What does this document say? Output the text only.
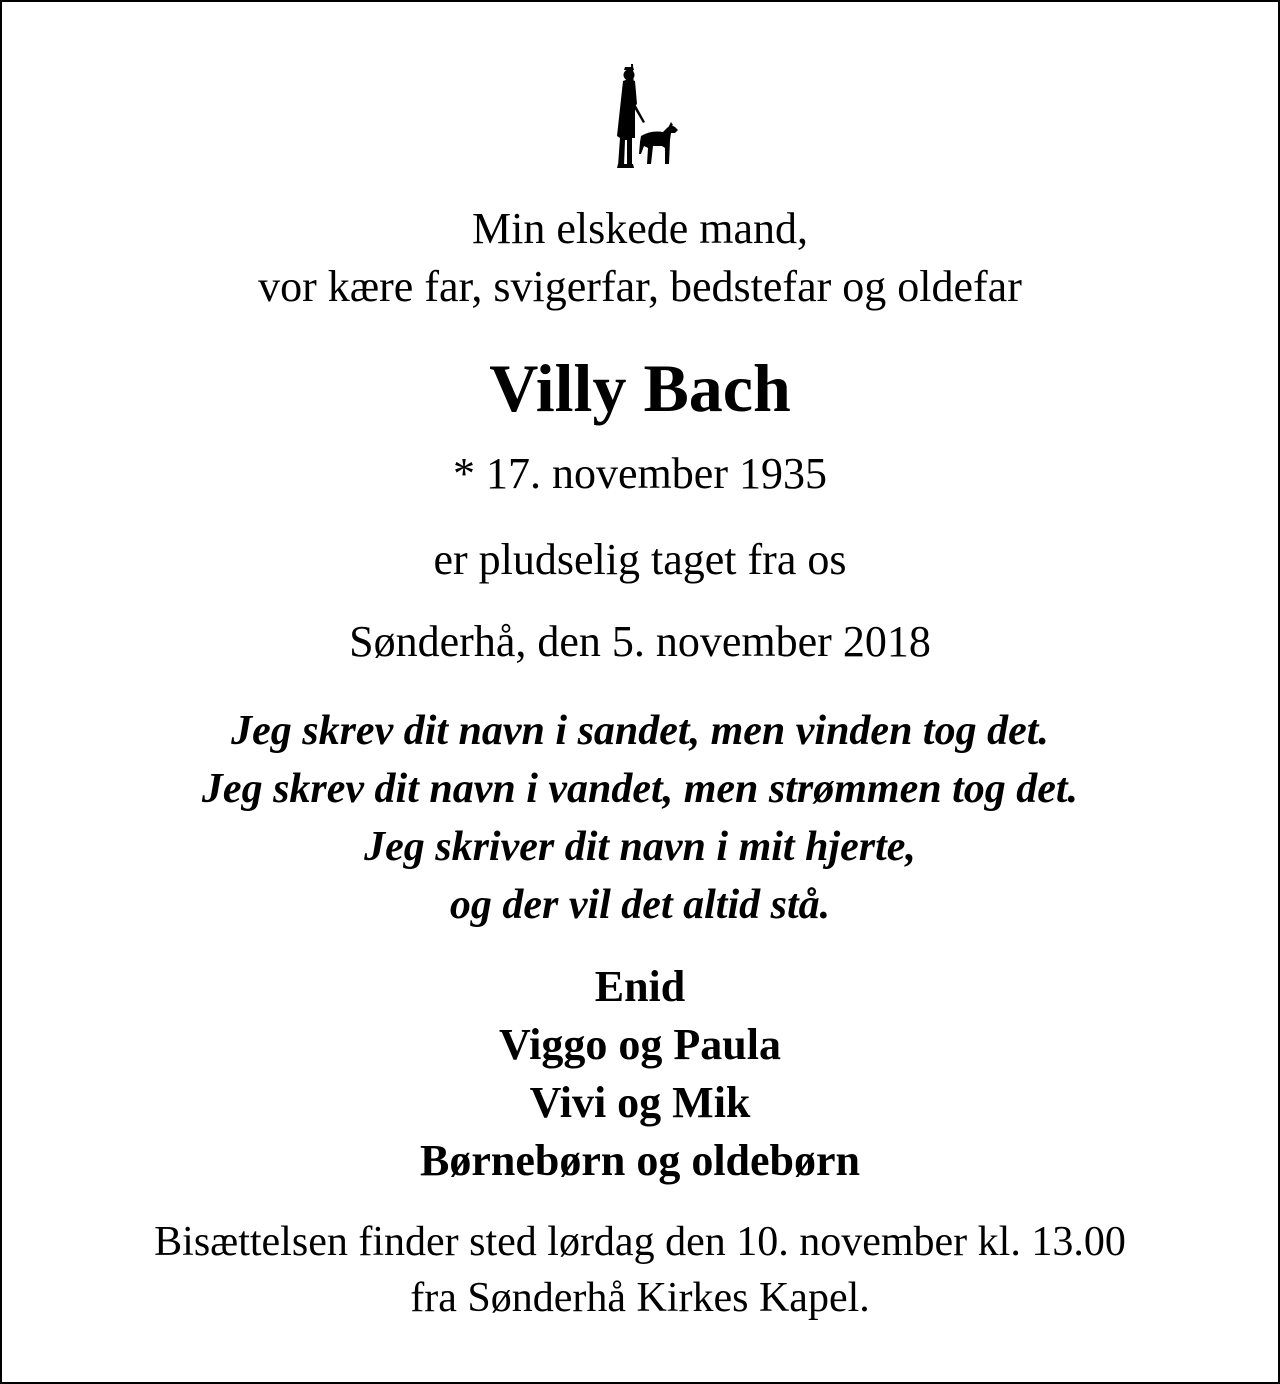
Min elskede mand,
vor kære far, svigerfar, bedstefar og oldefar
Villy Bach
* 17. november 1935
er pludselig taget fra os
Sønderhå, den 5. november 2018
Jeg skrev dit navn i sandet, men vinden tog det.
Jeg skrev dit navn i vandet, men strømmen tog det.
Jeg skriver dit navn i mit hjerte,
og der vil det altid stå.
Enid
Viggo og Paula
Vivi og Mik
Børnebørn og oldebørn
Bisættelsen finder sted lørdag den 10. november kl. 13.00
fra Sønderhå Kirkes Kapel.
